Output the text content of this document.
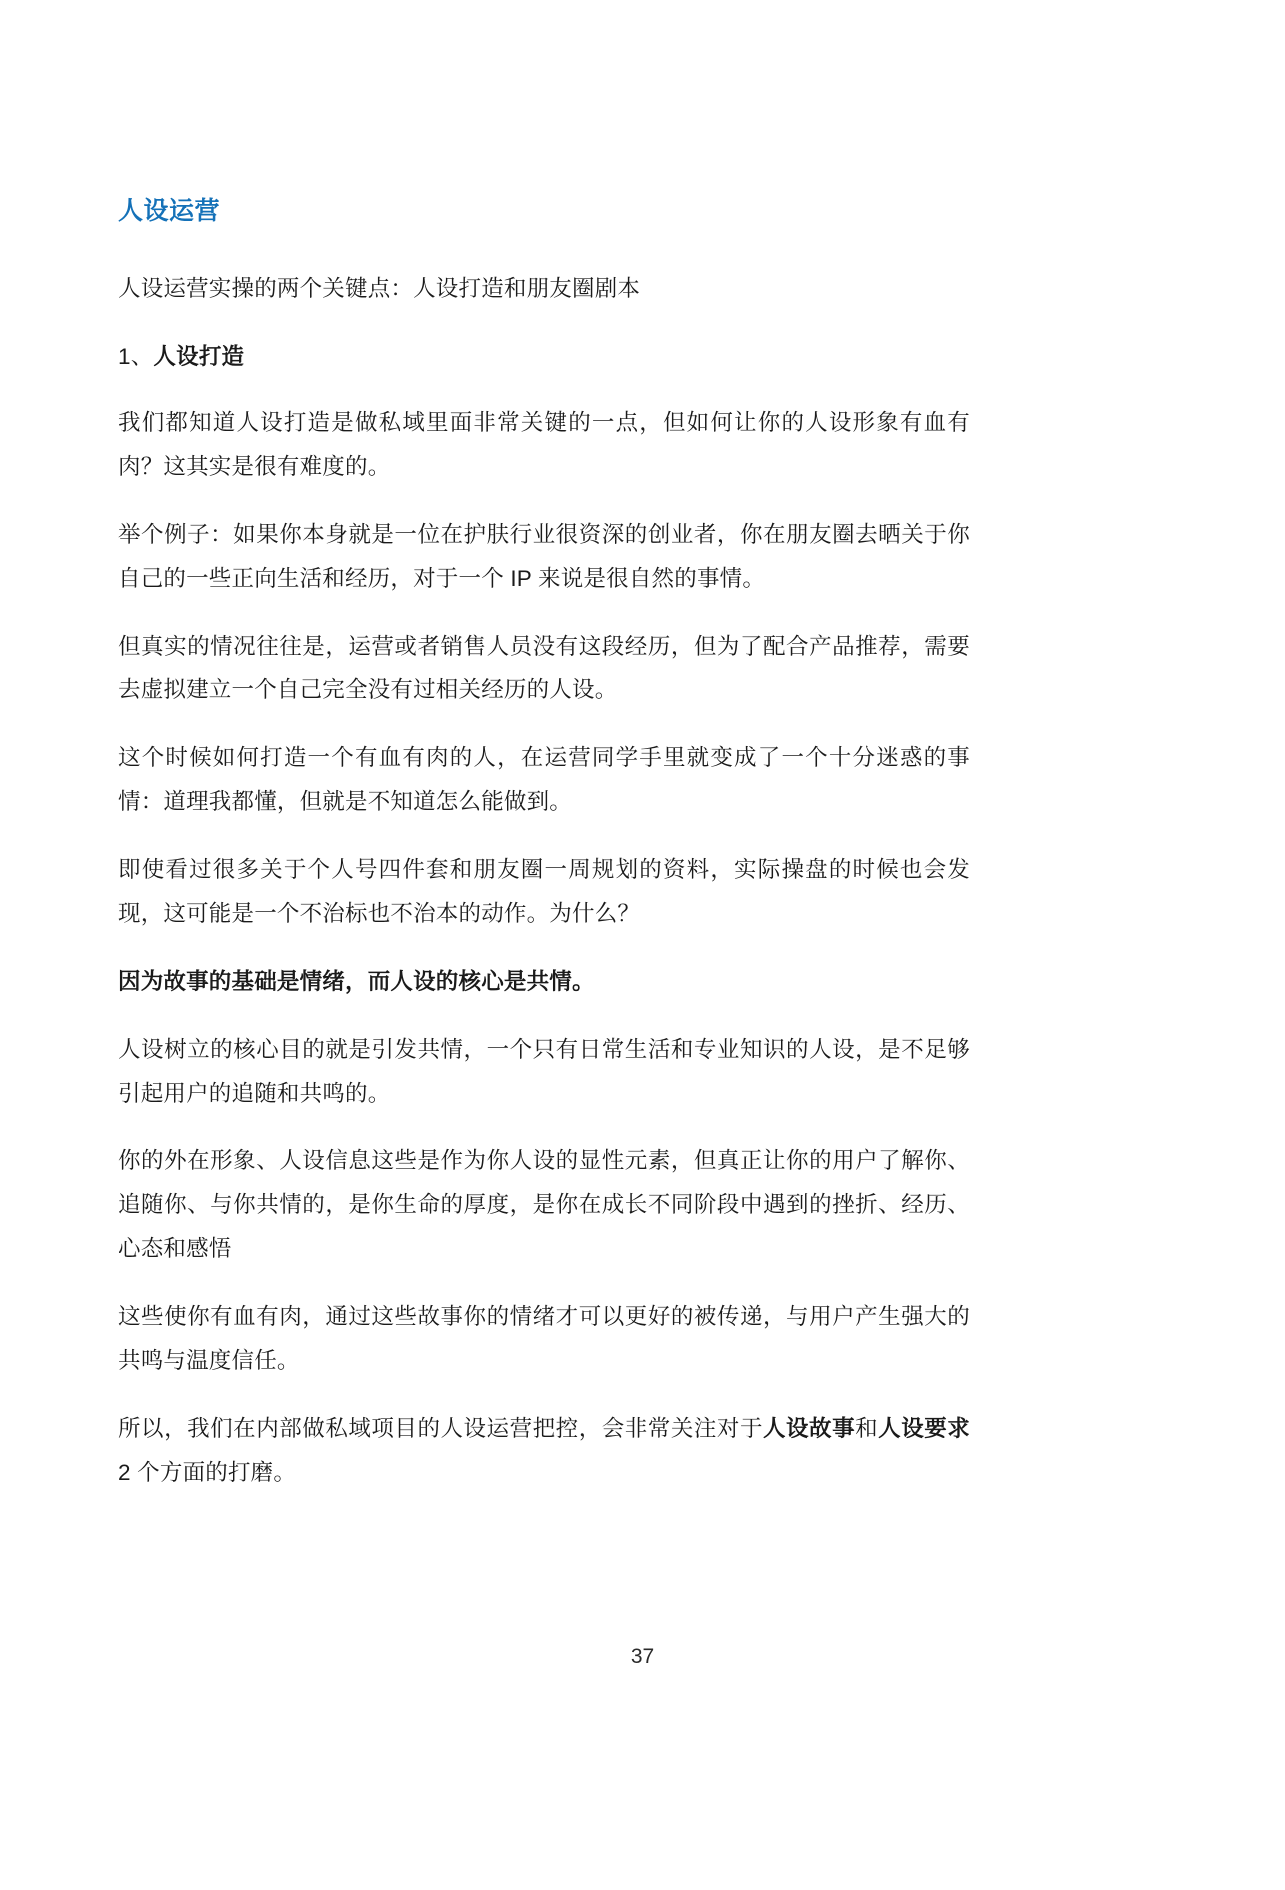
人设运营

人设运营实操的两个关键点：人设打造和朋友圈剧本

1、人设打造

我们都知道人设打造是做私域里面非常关键的一点，但如何让你的人设形象有血有肉？这其实是很有难度的。

举个例子：如果你本身就是一位在护肤行业很资深的创业者，你在朋友圈去晒关于你自己的一些正向生活和经历，对于一个 IP 来说是很自然的事情。

但真实的情况往往是，运营或者销售人员没有这段经历，但为了配合产品推荐，需要去虚拟建立一个自己完全没有过相关经历的人设。

这个时候如何打造一个有血有肉的人，在运营同学手里就变成了一个十分迷惑的事情：道理我都懂，但就是不知道怎么能做到。

即使看过很多关于个人号四件套和朋友圈一周规划的资料，实际操盘的时候也会发现，这可能是一个不治标也不治本的动作。为什么？

因为故事的基础是情绪，而人设的核心是共情。

人设树立的核心目的就是引发共情，一个只有日常生活和专业知识的人设，是不足够引起用户的追随和共鸣的。

你的外在形象、人设信息这些是作为你人设的显性元素，但真正让你的用户了解你、追随你、与你共情的，是你生命的厚度，是你在成长不同阶段中遇到的挫折、经历、心态和感悟

这些使你有血有肉，通过这些故事你的情绪才可以更好的被传递，与用户产生强大的共鸣与温度信任。

所以，我们在内部做私域项目的人设运营把控，会非常关注对于人设故事和人设要求 2 个方面的打磨。

37
